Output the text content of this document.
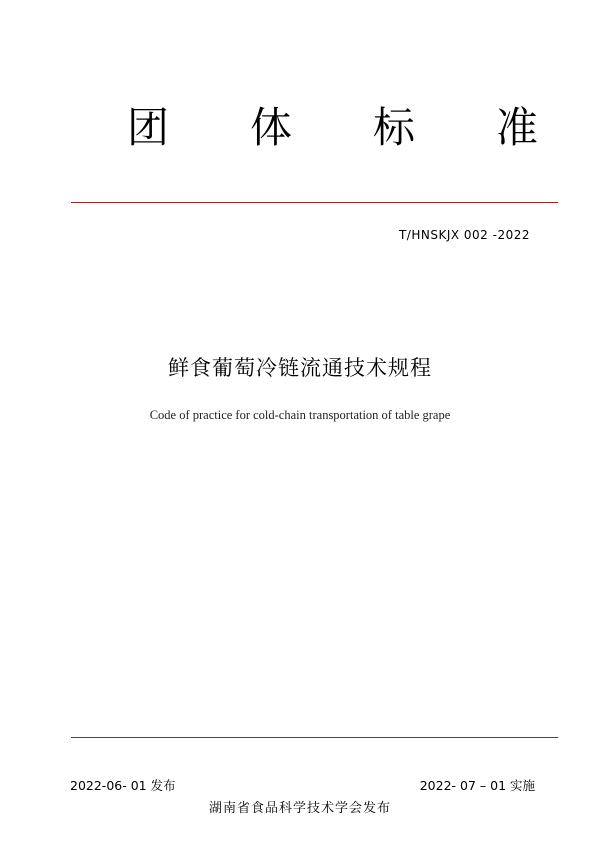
团 体 标 准
T/HNSKJX 002 -2022
鲜食葡萄冷链流通技术规程
Code of practice for cold-chain transportation of table grape
2022-06- 01 发布	2022- 07 – 01 实施
湖南省食品科学技术学会发布
